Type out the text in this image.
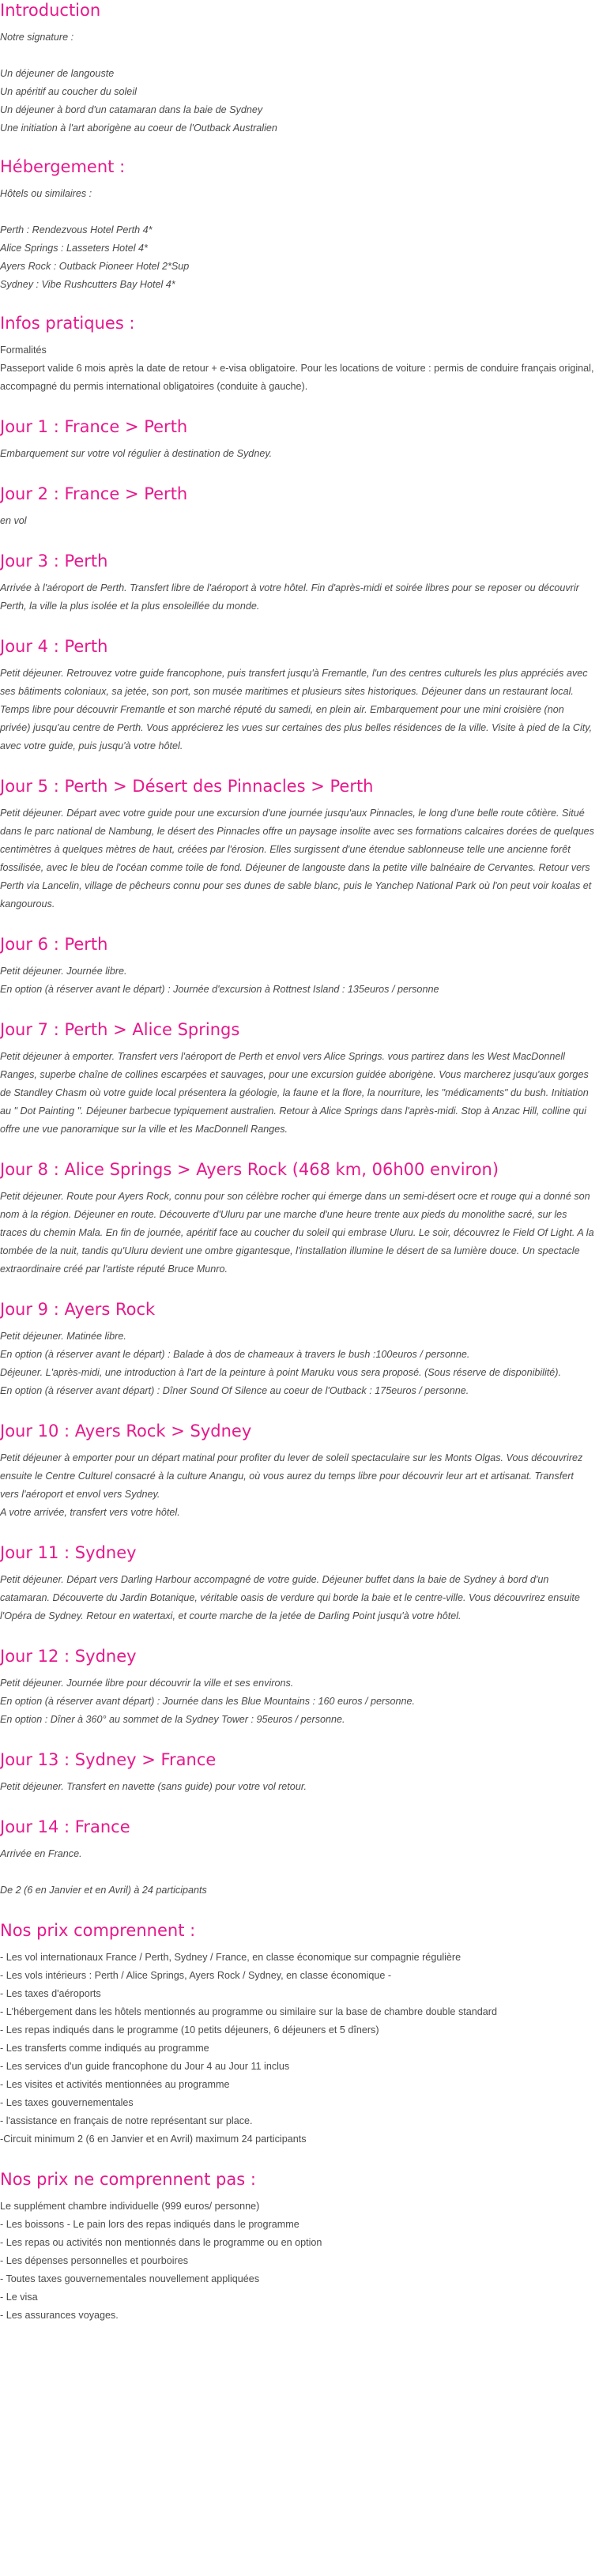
Introduction
Notre signature :
Un déjeuner de langouste
Un apéritif au coucher du soleil
Un déjeuner à bord d'un catamaran dans la baie de Sydney
Une initiation à l'art aborigène au coeur de l'Outback Australien
Hébergement :
Hôtels ou similaires :
Perth : Rendezvous Hotel Perth 4*
Alice Springs : Lasseters Hotel 4*
Ayers Rock : Outback Pioneer Hotel 2*Sup
Sydney : Vibe Rushcutters Bay Hotel 4*
Infos pratiques :
Formalités
Passeport valide 6 mois après la date de retour + e-visa obligatoire. Pour les locations de voiture : permis de conduire français original, accompagné du permis international obligatoires (conduite à gauche).
Jour 1 : France > Perth
Embarquement sur votre vol régulier à destination de Sydney.
Jour 2 : France > Perth
en vol
Jour 3 : Perth
Arrivée à l'aéroport de Perth. Transfert libre de l'aéroport à votre hôtel. Fin d'après-midi et soirée libres pour se reposer ou découvrir Perth, la ville la plus isolée et la plus ensoleillée du monde.
Jour 4 : Perth
Petit déjeuner. Retrouvez votre guide francophone, puis transfert jusqu'à Fremantle, l'un des centres culturels les plus appréciés avec ses bâtiments coloniaux, sa jetée, son port, son musée maritimes et plusieurs sites historiques. Déjeuner dans un restaurant local. Temps libre pour découvrir Fremantle et son marché réputé du samedi, en plein air. Embarquement pour une mini croisière (non privée) jusqu'au centre de Perth. Vous apprécierez les vues sur certaines des plus belles résidences de la ville. Visite à pied de la City, avec votre guide, puis jusqu'à votre hôtel.
Jour 5 : Perth > Désert des Pinnacles > Perth
Petit déjeuner. Départ avec votre guide pour une excursion d'une journée jusqu'aux Pinnacles, le long d'une belle route côtière. Situé dans le parc national de Nambung, le désert des Pinnacles offre un paysage insolite avec ses formations calcaires dorées de quelques centimètres à quelques mètres de haut, créées par l'érosion. Elles surgissent d'une étendue sablonneuse telle une ancienne forêt fossilisée, avec le bleu de l'océan comme toile de fond. Déjeuner de langouste dans la petite ville balnéaire de Cervantes. Retour vers Perth via Lancelin, village de pêcheurs connu pour ses dunes de sable blanc, puis le Yanchep National Park où l'on peut voir koalas et kangourous.
Jour 6 : Perth
Petit déjeuner. Journée libre.
En option (à réserver avant le départ) : Journée d'excursion à Rottnest Island : 135euros / personne
Jour 7 : Perth > Alice Springs
Petit déjeuner à emporter. Transfert vers l'aéroport de Perth et envol vers Alice Springs. vous partirez dans les West MacDonnell Ranges, superbe chaîne de collines escarpées et sauvages, pour une excursion guidée aborigène. Vous marcherez jusqu'aux gorges de Standley Chasm où votre guide local présentera la géologie, la faune et la flore, la nourriture, les "médicaments" du bush. Initiation au " Dot Painting ". Déjeuner barbecue typiquement australien. Retour à Alice Springs dans l'après-midi. Stop à Anzac Hill, colline qui offre une vue panoramique sur la ville et les MacDonnell Ranges.
Jour 8 : Alice Springs > Ayers Rock (468 km, 06h00 environ)
Petit déjeuner. Route pour Ayers Rock, connu pour son célèbre rocher qui émerge dans un semi-désert ocre et rouge qui a donné son nom à la région. Déjeuner en route. Découverte d'Uluru par une marche d'une heure trente aux pieds du monolithe sacré, sur les traces du chemin Mala. En fin de journée, apéritif face au coucher du soleil qui embrase Uluru. Le soir, découvrez le Field Of Light. A la tombée de la nuit, tandis qu'Uluru devient une ombre gigantesque, l'installation illumine le désert de sa lumière douce. Un spectacle extraordinaire créé par l'artiste réputé Bruce Munro.
Jour 9 : Ayers Rock
Petit déjeuner. Matinée libre.
En option (à réserver avant le départ) : Balade à dos de chameaux à travers le bush :100euros / personne.
Déjeuner. L'après-midi, une introduction à l'art de la peinture à point Maruku vous sera proposé. (Sous réserve de disponibilité).
En option (à réserver avant départ) : Dîner Sound Of Silence au coeur de l'Outback : 175euros / personne.
Jour 10 : Ayers Rock > Sydney
Petit déjeuner à emporter pour un départ matinal pour profiter du lever de soleil spectaculaire sur les Monts Olgas. Vous découvrirez ensuite le Centre Culturel consacré à la culture Anangu, où vous aurez du temps libre pour découvrir leur art et artisanat. Transfert vers l'aéroport et envol vers Sydney.
A votre arrivée, transfert vers votre hôtel.
Jour 11 : Sydney
Petit déjeuner. Départ vers Darling Harbour accompagné de votre guide. Déjeuner buffet dans la baie de Sydney à bord d'un catamaran. Découverte du Jardin Botanique, véritable oasis de verdure qui borde la baie et le centre-ville. Vous découvrirez ensuite l'Opéra de Sydney. Retour en watertaxi, et courte marche de la jetée de Darling Point jusqu'à votre hôtel.
Jour 12 : Sydney
Petit déjeuner. Journée libre pour découvrir la ville et ses environs.
En option (à réserver avant départ) : Journée dans les Blue Mountains : 160 euros / personne.
En option : Dîner à 360° au sommet de la Sydney Tower : 95euros / personne.
Jour 13 : Sydney > France
Petit déjeuner. Transfert en navette (sans guide) pour votre vol retour.
Jour 14 : France
Arrivée en France.
De 2 (6 en Janvier et en Avril) à 24 participants
Nos prix comprennent :
- Les vol internationaux France / Perth, Sydney / France, en classe économique sur compagnie régulière
- Les vols intérieurs : Perth / Alice Springs, Ayers Rock / Sydney, en classe économique -
- Les taxes d'aéroports
- L'hébergement dans les hôtels mentionnés au programme ou similaire sur la base de chambre double standard
- Les repas indiqués dans le programme (10 petits déjeuners, 6 déjeuners et 5 dîners)
- Les transferts comme indiqués au programme
- Les services d'un guide francophone du Jour 4 au Jour 11 inclus
- Les visites et activités mentionnées au programme
- Les taxes gouvernementales
- l'assistance en français de notre représentant sur place.
-Circuit minimum 2 (6 en Janvier et en Avril) maximum 24 participants
Nos prix ne comprennent pas :
Le supplément chambre individuelle (999 euros/ personne)
- Les boissons - Le pain lors des repas indiqués dans le programme
- Les repas ou activités non mentionnés dans le programme ou en option
- Les dépenses personnelles et pourboires
- Toutes taxes gouvernementales nouvellement appliquées
- Le visa
- Les assurances voyages.
